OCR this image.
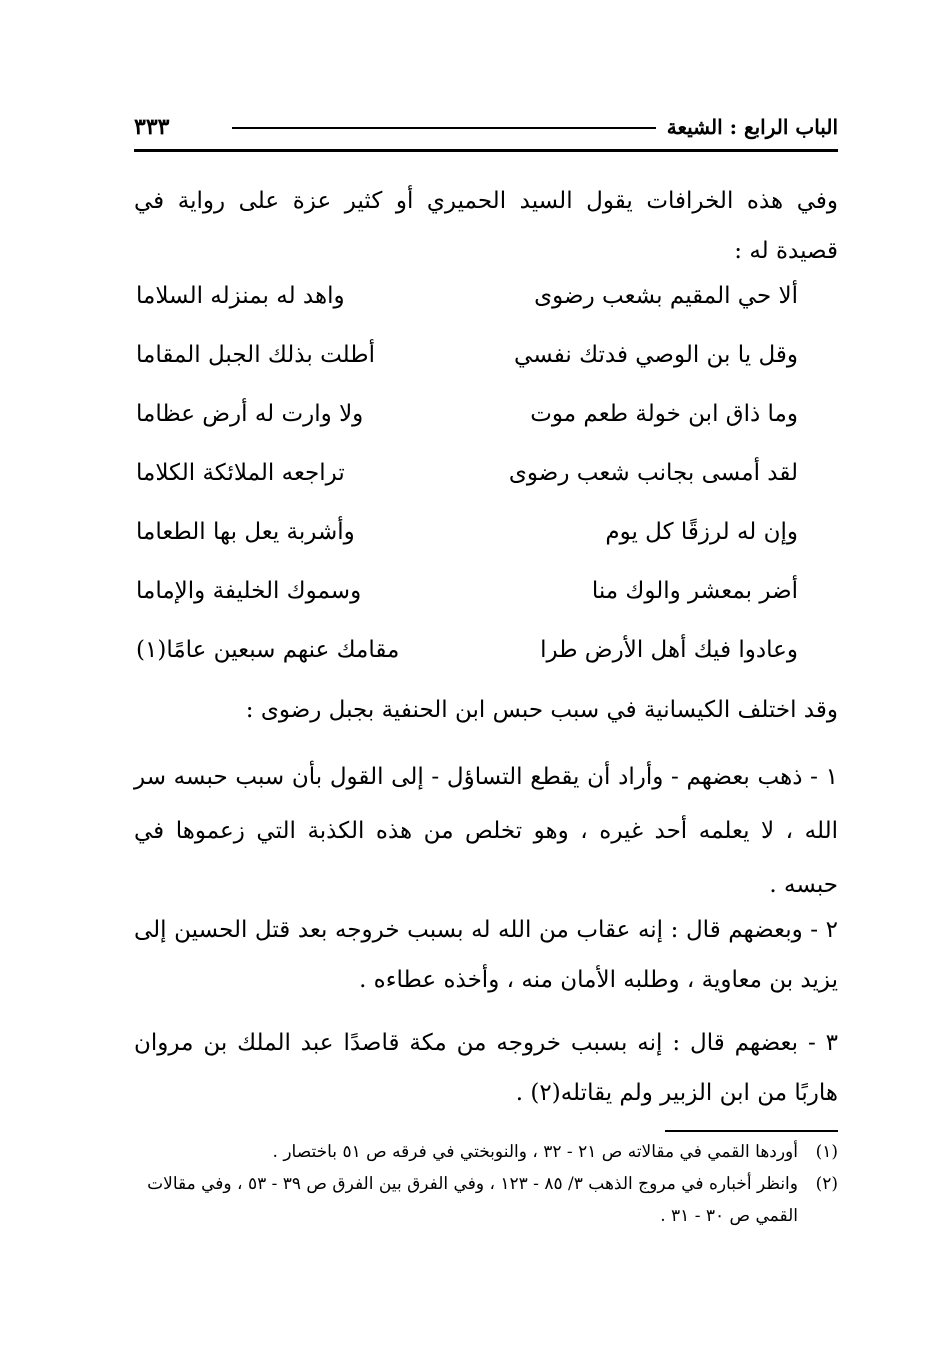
الباب الرابع : الشيعة
٣٣٣

وفي هذه الخرافات يقول السيد الحميري أو كثير عزة على رواية في قصيدة له :

ألا حي المقيم بشعب رضوى
واهد له بمنزله السلاما
وقل يا بن الوصي فدتك نفسي
أطلت بذلك الجبل المقاما
وما ذاق ابن خولة طعم موت
ولا وارت له أرض عظاما
لقد أمسى بجانب شعب رضوى
تراجعه الملائكة الكلاما
وإن له لرزقًا كل يوم
وأشربة يعل بها الطعاما
أضر بمعشر والوك منا
وسموك الخليفة والإماما
وعادوا فيك أهل الأرض طرا
مقامك عنهم سبعين عامًا(١)

وقد اختلف الكيسانية في سبب حبس ابن الحنفية بجبل رضوى :

١ - ذهب بعضهم - وأراد أن يقطع التساؤل - إلى القول بأن سبب حبسه سر الله ، لا يعلمه أحد غيره ، وهو تخلص من هذه الكذبة التي زعموها في حبسه .

٢ - وبعضهم قال : إنه عقاب من الله له بسبب خروجه بعد قتل الحسين إلى يزيد بن معاوية ، وطلبه الأمان منه ، وأخذه عطاءه .

٣ - بعضهم قال : إنه بسبب خروجه من مكة قاصدًا عبد الملك بن مروان هاربًا من ابن الزبير ولم يقاتله(٢) .

(١)
أوردها القمي في مقالاته ص ٢١ - ٣٢ ، والنوبختي في فرقه ص ٥١ باختصار .
(٢)
وانظر أخباره في مروج الذهب ٣/ ٨٥ - ١٢٣ ، وفي الفرق بين الفرق ص ٣٩ - ٥٣ ، وفي مقالات القمي ص ٣٠ - ٣١ .
